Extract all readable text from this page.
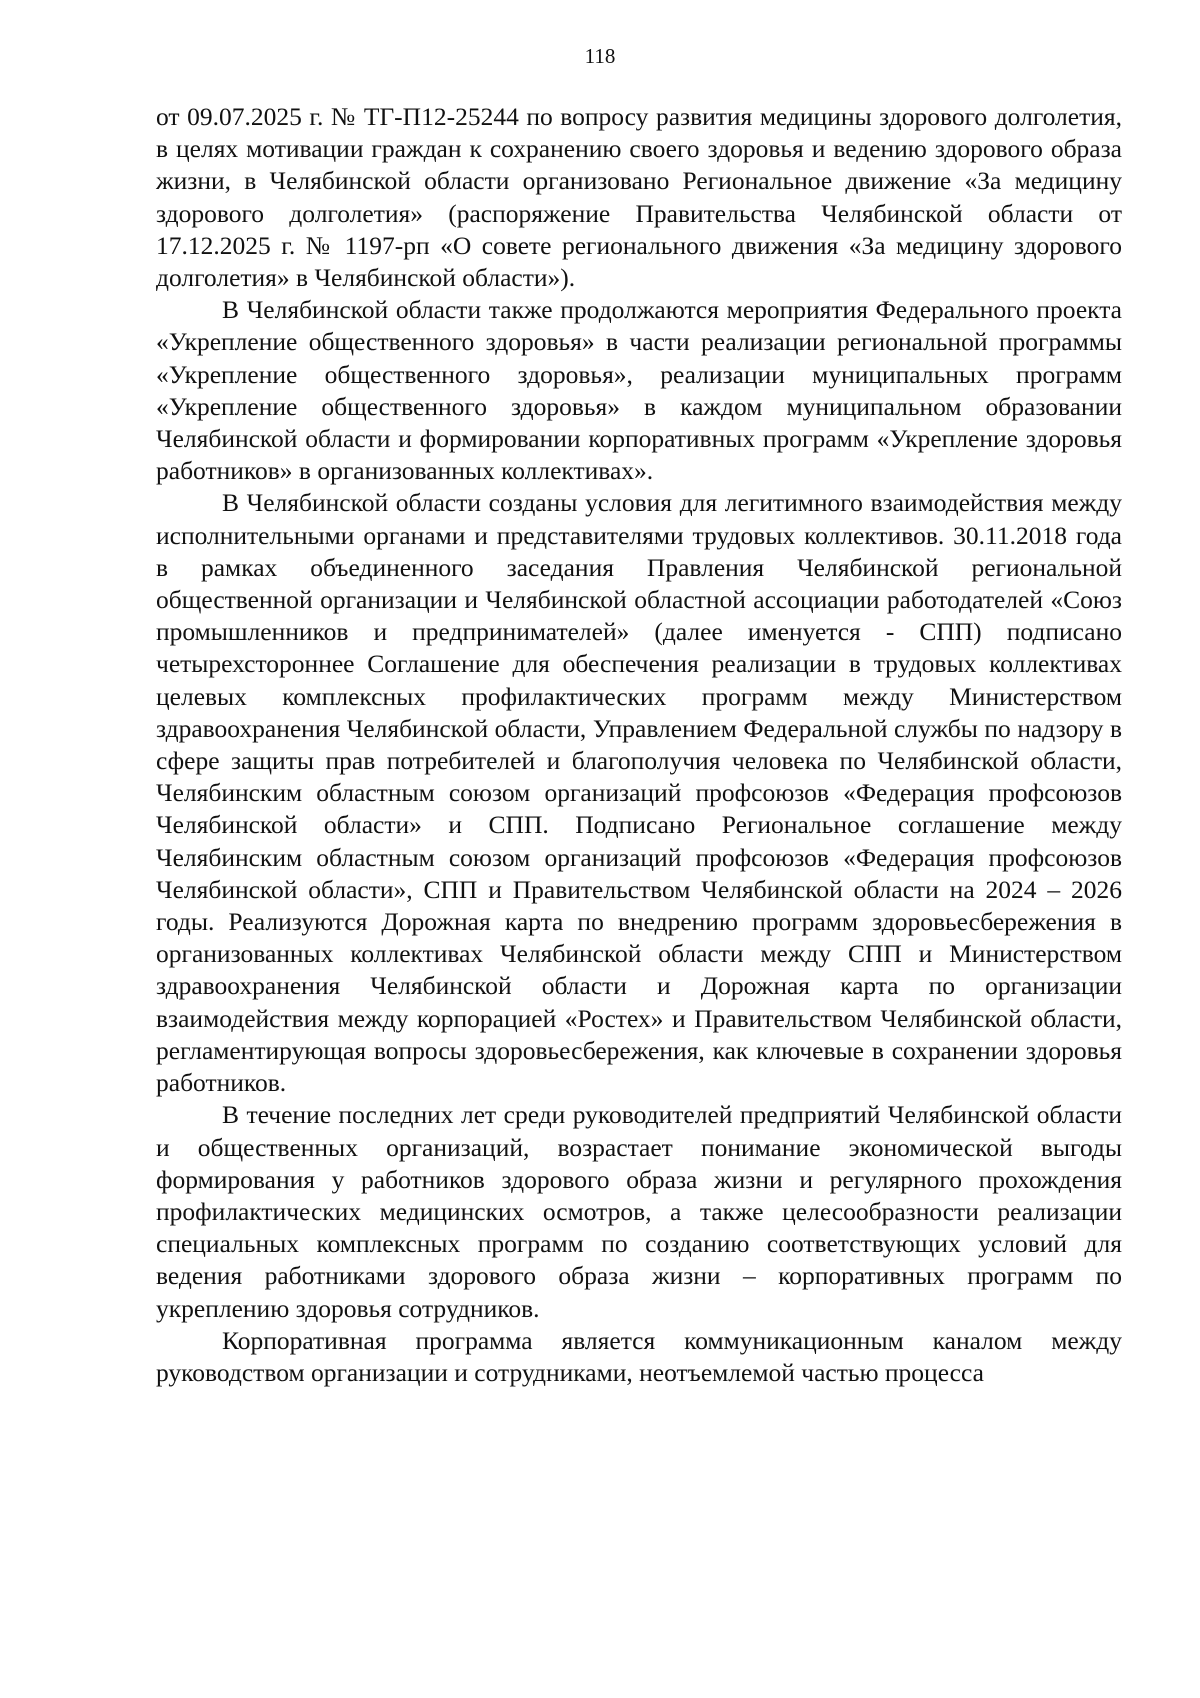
118

от 09.07.2025 г. № ТГ-П12-25244 по вопросу развития медицины здорового долголетия, в целях мотивации граждан к сохранению своего здоровья и ведению здорового образа жизни, в Челябинской области организовано Региональное движение «За медицину здорового долголетия» (распоряжение Правительства Челябинской области от 17.12.2025 г. № 1197-рп «О совете регионального движения «За медицину здорового долголетия» в Челябинской области»).

В Челябинской области также продолжаются мероприятия Федерального проекта «Укрепление общественного здоровья» в части реализации региональной программы «Укрепление общественного здоровья», реализации муниципальных программ «Укрепление общественного здоровья» в каждом муниципальном образовании Челябинской области и формировании корпоративных программ «Укрепление здоровья работников» в организованных коллективах».

В Челябинской области созданы условия для легитимного взаимодействия между исполнительными органами и представителями трудовых коллективов. 30.11.2018 года в рамках объединенного заседания Правления Челябинской региональной общественной организации и Челябинской областной ассоциации работодателей «Союз промышленников и предпринимателей» (далее именуется - СПП) подписано четырехстороннее Соглашение для обеспечения реализации в трудовых коллективах целевых комплексных профилактических программ между Министерством здравоохранения Челябинской области, Управлением Федеральной службы по надзору в сфере защиты прав потребителей и благополучия человека по Челябинской области, Челябинским областным союзом организаций профсоюзов «Федерация профсоюзов Челябинской области» и СПП. Подписано Региональное соглашение между Челябинским областным союзом организаций профсоюзов «Федерация профсоюзов Челябинской области», СПП и Правительством Челябинской области на 2024 – 2026 годы. Реализуются Дорожная карта по внедрению программ здоровьесбережения в организованных коллективах Челябинской области между СПП и Министерством здравоохранения Челябинской области и Дорожная карта по организации взаимодействия между корпорацией «Ростех» и Правительством Челябинской области, регламентирующая вопросы здоровьесбережения, как ключевые в сохранении здоровья работников.

В течение последних лет среди руководителей предприятий Челябинской области и общественных организаций, возрастает понимание экономической выгоды формирования у работников здорового образа жизни и регулярного прохождения профилактических медицинских осмотров, а также целесообразности реализации специальных комплексных программ по созданию соответствующих условий для ведения работниками здорового образа жизни – корпоративных программ по укреплению здоровья сотрудников.

Корпоративная программа является коммуникационным каналом между руководством организации и сотрудниками, неотъемлемой частью процесса
